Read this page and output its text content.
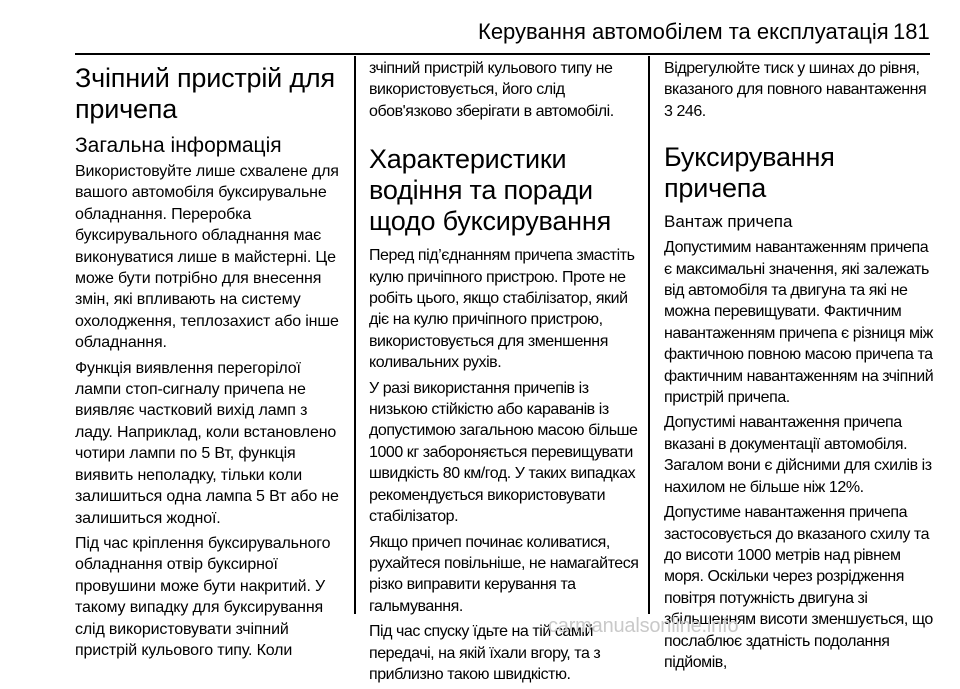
Керування автомобілем та експлуатація 181
Зчіпний пристрій для причепа
Загальна інформація
Використовуйте лише схвалене для вашого автомобіля буксирувальне обладнання. Переробка буксирувального обладнання має виконуватися лише в майстерні. Це може бути потрібно для внесення змін, які впливають на систему охолодження, теплозахист або інше обладнання.
Функція виявлення перегорілої лампи стоп-сигналу причепа не виявляє частковий вихід ламп з ладу. Наприклад, коли встановлено чотири лампи по 5 Вт, функція виявить неполадку, тільки коли залишиться одна лампа 5 Вт або не залишиться жодної.
Під час кріплення буксирувального обладнання отвір буксирної провушини може бути накритий. У такому випадку для буксирування слід використовувати зчіпний пристрій кульового типу. Коли
зчіпний пристрій кульового типу не використовується, його слід обов'язково зберігати в автомобілі.
Характеристики водіння та поради щодо буксирування
Перед під’єднанням причепа змастіть кулю причіпного пристрою. Проте не робіть цього, якщо стабілізатор, який діє на кулю причіпного пристрою, використовується для зменшення коливальних рухів.
У разі використання причепів із низькою стійкістю або караванів із допустимою загальною масою більше 1000 кг забороняється перевищувати швидкість 80 км/год. У таких випадках рекомендується використовувати стабілізатор.
Якщо причеп починає коливатися, рухайтеся повільніше, не намагайтеся різко виправити керування та гальмування.
Під час спуску їдьте на тій самій передачі, на якій їхали вгору, та з приблизно такою швидкістю.
Відрегулюйте тиск у шинах до рівня, вказаного для повного навантаження 3 246.
Буксирування причепа
Вантаж причепа
Допустимим навантаженням причепа є максимальні значення, які залежать від автомобіля та двигуна та які не можна перевищувати. Фактичним навантаженням причепа є різниця між фактичною повною масою причепа та фактичним навантаженням на зчіпний пристрій причепа.
Допустимі навантаження причепа вказані в документації автомобіля. Загалом вони є дійсними для схилів із нахилом не більше ніж 12%.
Допустиме навантаження причепа застосовується до вказаного схилу та до висоти 1000 метрів над рівнем моря. Оскільки через розрідження повітря потужність двигуна зі збільшенням висоти зменшується, що послаблює здатність подолання підйомів,
carmanualsonline.info
